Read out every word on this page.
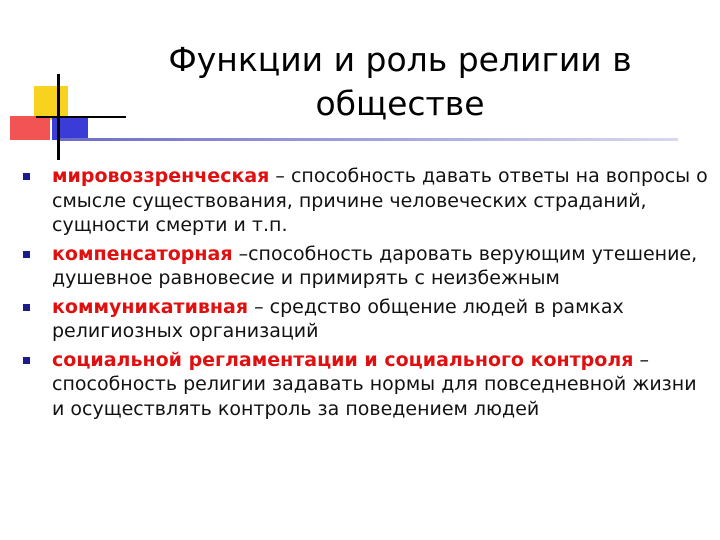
Функции и роль религии в обществе
мировоззренческая – способность давать ответы на вопросы о смысле существования, причине человеческих страданий, сущности смерти и т.п.
компенсаторная –способность даровать верующим утешение, душевное равновесие и примирять с неизбежным
коммуникативная – средство общение людей в рамках религиозных организаций
социальной регламентации и социального контроля – способность религии задавать нормы для повседневной жизни и осуществлять контроль за поведением людей
